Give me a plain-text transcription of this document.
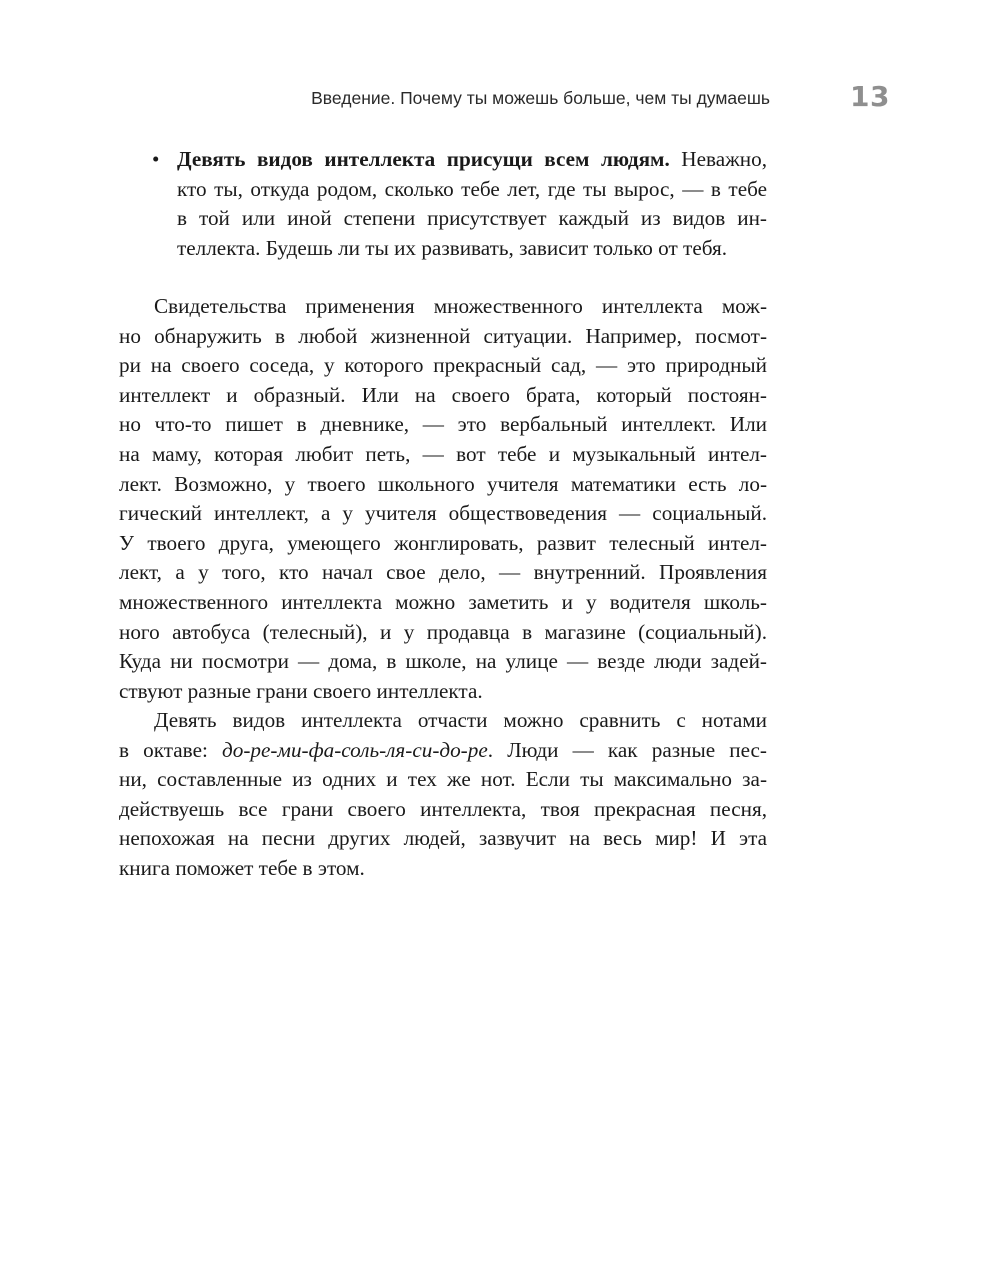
Введение. Почему ты можешь больше, чем ты думаешь	13
• Девять видов интеллекта присущи всем людям. Неважно,
кто ты, откуда родом, сколько тебе лет, где ты вырос, — в тебе
в той или иной степени присутствует каждый из видов ин-
теллекта. Будешь ли ты их развивать, зависит только от тебя.
Свидетельства применения множественного интеллекта мож-
но обнаружить в любой жизненной ситуации. Например, посмот-
ри на своего соседа, у которого прекрасный сад, — это природный
интеллект и образный. Или на своего брата, который постоян-
но что-то пишет в дневнике, — это вербальный интеллект. Или
на маму, которая любит петь, — вот тебе и музыкальный интел-
лект. Возможно, у твоего школьного учителя математики есть ло-
гический интеллект, а у учителя обществоведения — социальный.
У твоего друга, умеющего жонглировать, развит телесный интел-
лект, а у того, кто начал свое дело, — внутренний. Проявления
множественного интеллекта можно заметить и у водителя школь-
ного автобуса (телесный), и у продавца в магазине (социальный).
Куда ни посмотри — дома, в школе, на улице — везде люди задей-
ствуют разные грани своего интеллекта.
Девять видов интеллекта отчасти можно сравнить с нотами
в октаве: до-ре-ми-фа-соль-ля-си-до-ре. Люди — как разные пес-
ни, составленные из одних и тех же нот. Если ты максимально за-
действуешь все грани своего интеллекта, твоя прекрасная песня,
непохожая на песни других людей, зазвучит на весь мир! И эта
книга поможет тебе в этом.
